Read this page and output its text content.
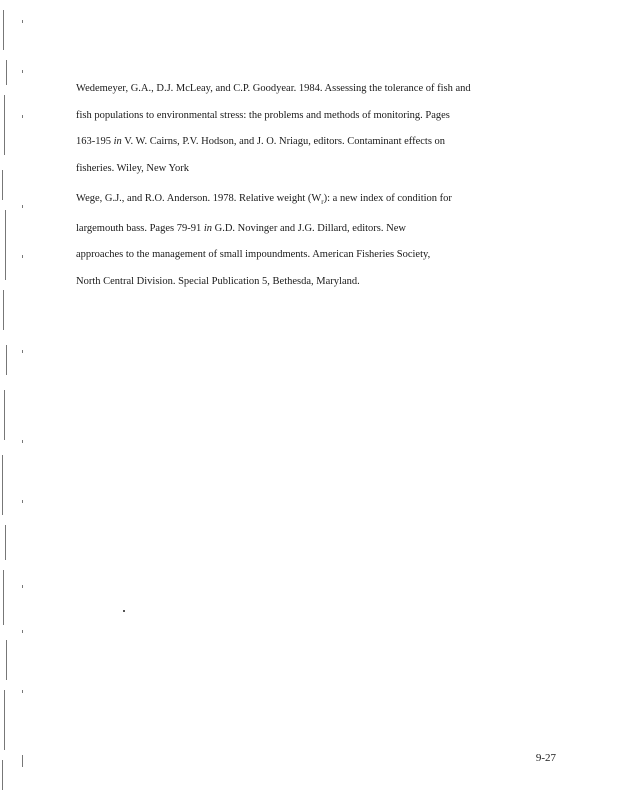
Wedemeyer, G.A., D.J. McLeay, and C.P. Goodyear. 1984. Assessing the tolerance of fish and
fish populations to environmental stress: the problems and methods of monitoring. Pages
163-195 in V. W. Cairns, P.V. Hodson, and J. O. Nriagu, editors. Contaminant effects on
fisheries. Wiley, New York
Wege, G.J., and R.O. Anderson. 1978. Relative weight $(W_r)$: a new index of condition for
largemouth bass. Pages 79-91 in G.D. Novinger and J.G. Dillard, editors. New
approaches to the management of small impoundments. American Fisheries Society,
North Central Division. Special Publication 5, Bethesda, Maryland.
9-27
